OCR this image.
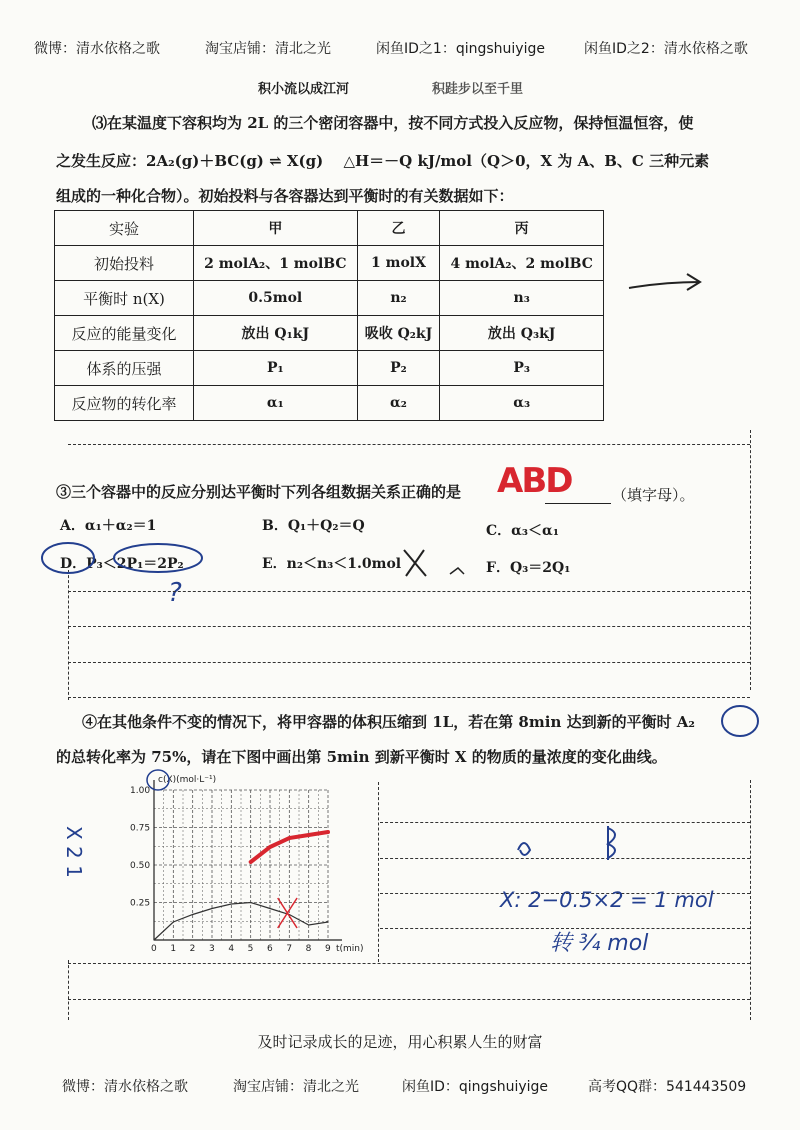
微博：清水依格之歌	淘宝店铺：清北之光	闲鱼ID之1：qingshuiyige	闲鱼ID之2：清水依格之歌
积小流以成江河	积跬步以至千里
⑶在某温度下容积均为 2L 的三个密闭容器中，按不同方式投入反应物，保持恒温恒容，使
之发生反应：2A₂(g)＋BC(g) ⇌ X(g)　 △H＝－Q kJ/mol（Q＞0，X 为 A、B、C 三种元素
组成的一种化合物）。初始投料与各容器达到平衡时的有关数据如下：
实验	甲	乙	丙
初始投料	2 molA₂、1 molBC	1 molX	4 molA₂、2 molBC
平衡时 n(X)	0.5mol	n₂	n₃
反应的能量变化	放出 Q₁kJ	吸收 Q₂kJ	放出 Q₃kJ
体系的压强	P₁	P₂	P₃
反应物的转化率	α₁	α₂	α₃
③三个容器中的反应分别达平衡时下列各组数据关系正确的是 ABD	（填字母）。
A．α₁＋α₂＝1	B．Q₁＋Q₂＝Q	C．α₃＜α₁
D．P₃＜2P₁＝2P₂	E．n₂＜n₃＜1.0mol	F．Q₃＝2Q₁
?
④在其他条件不变的情况下，将甲容器的体积压缩到 1L，若在第 8min 达到新的平衡时 A₂
的总转化率为 75%，请在下图中画出第 5min 到新平衡时 X 的物质的量浓度的变化曲线。
0 1 2 3 4 5 6 7 8 9
0.25
0.50
0.75
1.00
t(min)
c(X)(mol·L⁻¹)
X 2 1
X: 2−0.5×2 = 1 mol
转 ¾ mol
及时记录成长的足迹，用心积累人生的财富
微博：清水依格之歌	淘宝店铺：清北之光	闲鱼ID：qingshuiyige	高考QQ群：541443509
